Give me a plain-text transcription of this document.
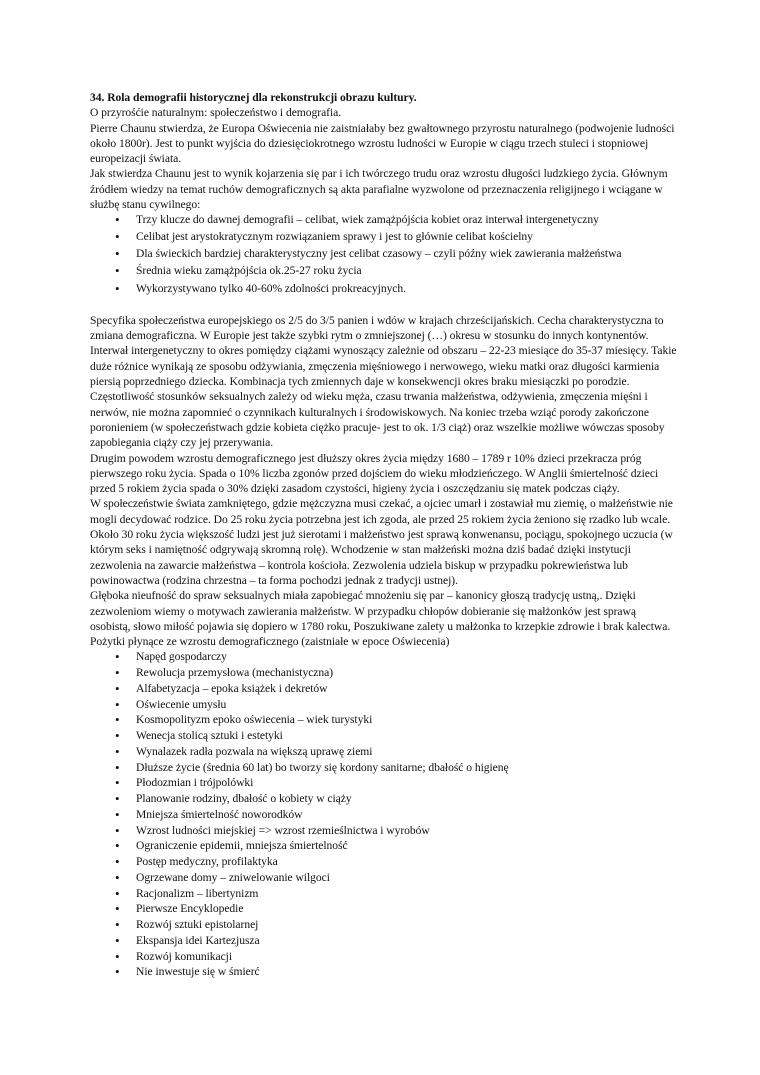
34. Rola demografii historycznej dla rekonstrukcji obrazu kultury.

O przyrośćie naturalnym: społeczeństwo i demografia.

Pierre Chaunu stwierdza, że Europa Oświecenia nie zaistniałaby bez gwałtownego przyrostu naturalnego (podwojenie ludności około 1800r). Jest to punkt wyjścia do dziesięciokrotnego wzrostu ludności w Europie w ciągu trzech stuleci i stopniowej europeizacji świata.

Jak stwierdza Chaunu jest to wynik kojarzenia się par i ich twórczego trudu oraz wzrostu długości ludzkiego życia. Głównym źródłem wiedzy na temat ruchów demograficznych są akta parafialne wyzwolone od przeznaczenia religijnego i wciągane w służbę stanu cywilnego:

• Trzy klucze do dawnej demografii – celibat, wiek zamążpójścia kobiet oraz interwał intergenetyczny
• Celibat jest arystokratycznym rozwiązaniem sprawy i jest to głównie celibat kościelny
• Dla świeckich bardziej charakterystyczny jest celibat czasowy – czyli późny wiek zawierania małżeństwa
• Średnia wieku zamążpójścia ok.25-27 roku życia
• Wykorzystywano tylko 40-60% zdolności prokreacyjnych.

Specyfika społeczeństwa europejskiego os 2/5 do 3/5 panien i wdów w krajach chrześcijańskich. Cecha charakterystyczna to zmiana demograficzna. W Europie jest także szybki rytm o zmniejszonej (…) okresu w stosunku do innych kontynentów. Interwał intergenetyczny to okres pomiędzy ciążami wynoszący zależnie od obszaru – 22-23 miesiące do 35-37 miesięcy. Takie duże różnice wynikają ze sposobu odżywiania, zmęczenia mięśniowego i nerwowego, wieku matki oraz długości karmienia piersią poprzedniego dziecka. Kombinacja tych zmiennych daje w konsekwencji okres braku miesiączki po porodzie. Częstotliwość stosunków seksualnych zależy od wieku męża, czasu trwania małżeństwa, odżywienia, zmęczenia mięśni i nerwów, nie można zapomnieć o czynnikach kulturalnych i środowiskowych. Na koniec trzeba wziąć porody zakończone poronieniem (w społeczeństwach gdzie kobieta ciężko pracuje- jest to ok. 1/3 ciąż) oraz wszelkie możliwe wówczas sposoby zapobiegania ciąży czy jej przerywania.

Drugim powodem wzrostu demograficznego jest dłuższy okres życia między 1680 – 1789 r 10% dzieci przekracza próg pierwszego roku życia. Spada o 10% liczba zgonów przed dojściem do wieku młodzieńczego. W Anglii śmiertelność dzieci przed 5 rokiem życia spada o 30% dzięki zasadom czystości, higieny życia i oszczędzaniu się matek podczas ciąży.

W społeczeństwie świata zamkniętego, gdzie mężczyzna musi czekać, a ojciec umarł i zostawiał mu ziemię, o małżeństwie nie mogli decydować rodzice. Do 25 roku życia potrzebna jest ich zgoda, ale przed 25 rokiem życia żeniono się rzadko lub wcale. Około 30 roku życia większość ludzi jest już sierotami i małżeństwo jest sprawą konwenansu, pociągu, spokojnego uczucia (w którym seks i namiętność odgrywają skromną rolę). Wchodzenie w stan małżeński można dziś badać dzięki instytucji zezwolenia na zawarcie małżeństwa – kontrola kościoła. Zezwolenia udziela biskup w przypadku pokrewieństwa lub powinowactwa (rodzina chrzestna – ta forma pochodzi jednak z tradycji ustnej).

Głęboka nieufność do spraw seksualnych miała zapobiegać mnożeniu się par – kanonicy głoszą tradycję ustną,. Dzięki zezwoleniom wiemy o motywach zawierania małżeństw. W przypadku chłopów dobieranie się małżonków jest sprawą osobistą, słowo miłość pojawia się dopiero w 1780 roku, Poszukiwane zalety u małżonka to krzepkie zdrowie i brak kalectwa.

Pożytki płynące ze wzrostu demograficznego (zaistniałe w epoce Oświecenia)

• Napęd gospodarczy
• Rewolucja przemysłowa (mechanistyczna)
• Alfabetyzacja – epoka książek i dekretów
• Oświecenie umysłu
• Kosmopolityzm epoko oświecenia – wiek turystyki
• Wenecja stolicą sztuki i estetyki
• Wynalazek radła pozwala na większą uprawę ziemi
• Dłuższe życie (średnia 60 lat) bo tworzy się kordony sanitarne; dbałość o higienę
• Płodozmian i trójpolówki
• Planowanie rodziny, dbałość o kobiety w ciąży
• Mniejsza śmiertelność noworodków
• Wzrost ludności miejskiej => wzrost rzemieślnictwa i wyrobów
• Ograniczenie epidemii, mniejsza śmiertelność
• Postęp medyczny, profilaktyka
• Ogrzewane domy – zniwelowanie wilgoci
• Racjonalizm – libertynizm
• Pierwsze Encyklopedie
• Rozwój sztuki epistolarnej
• Ekspansja idei Kartezjusza
• Rozwój komunikacji
• Nie inwestuje się w śmierć
